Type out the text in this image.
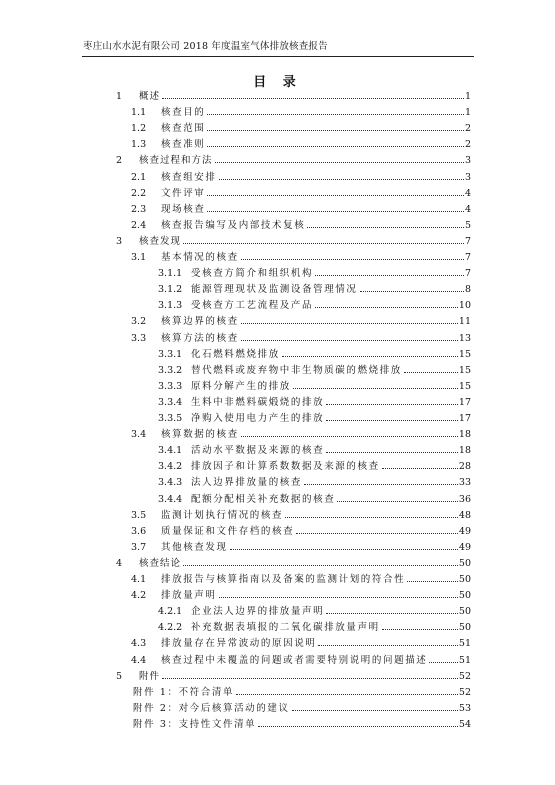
枣庄山水水泥有限公司 2018 年度温室气体排放核查报告
目 录
1	概述	1
1.1	核查目的	1
1.2	核查范围	2
1.3	核查准则	2
2	核查过程和方法	3
2.1	核查组安排	3
2.2	文件评审	4
2.3	现场核查	4
2.4	核查报告编写及内部技术复核	5
3	核查发现	7
3.1	基本情况的核查	7
3.1.1 受核查方简介和组织机构	7
3.1.2 能源管理现状及监测设备管理情况	8
3.1.3 受核查方工艺流程及产品	10
3.2	核算边界的核查	11
3.3	核算方法的核查	13
3.3.1 化石燃料燃烧排放	15
3.3.2 替代燃料或废弃物中非生物质碳的燃烧排放	15
3.3.3 原料分解产生的排放	15
3.3.4 生料中非燃料碳煅烧的排放	17
3.3.5 净购入使用电力产生的排放	17
3.4	核算数据的核查	18
3.4.1 活动水平数据及来源的核查	18
3.4.2 排放因子和计算系数数据及来源的核查	28
3.4.3 法人边界排放量的核查	33
3.4.4 配额分配相关补充数据的核查	36
3.5	监测计划执行情况的核查	48
3.6	质量保证和文件存档的核查	49
3.7	其他核查发现	49
4	核查结论	50
4.1	排放报告与核算指南以及备案的监测计划的符合性	50
4.2	排放量声明	50
4.2.1 企业法人边界的排放量声明	50
4.2.2 补充数据表填报的二氧化碳排放量声明	50
4.3	排放量存在异常波动的原因说明	51
4.4	核查过程中未覆盖的问题或者需要特别说明的问题描述	51
5	附件	52
附件 1：不符合清单	52
附件 2：对今后核算活动的建议	53
附件 3：支持性文件清单	54
